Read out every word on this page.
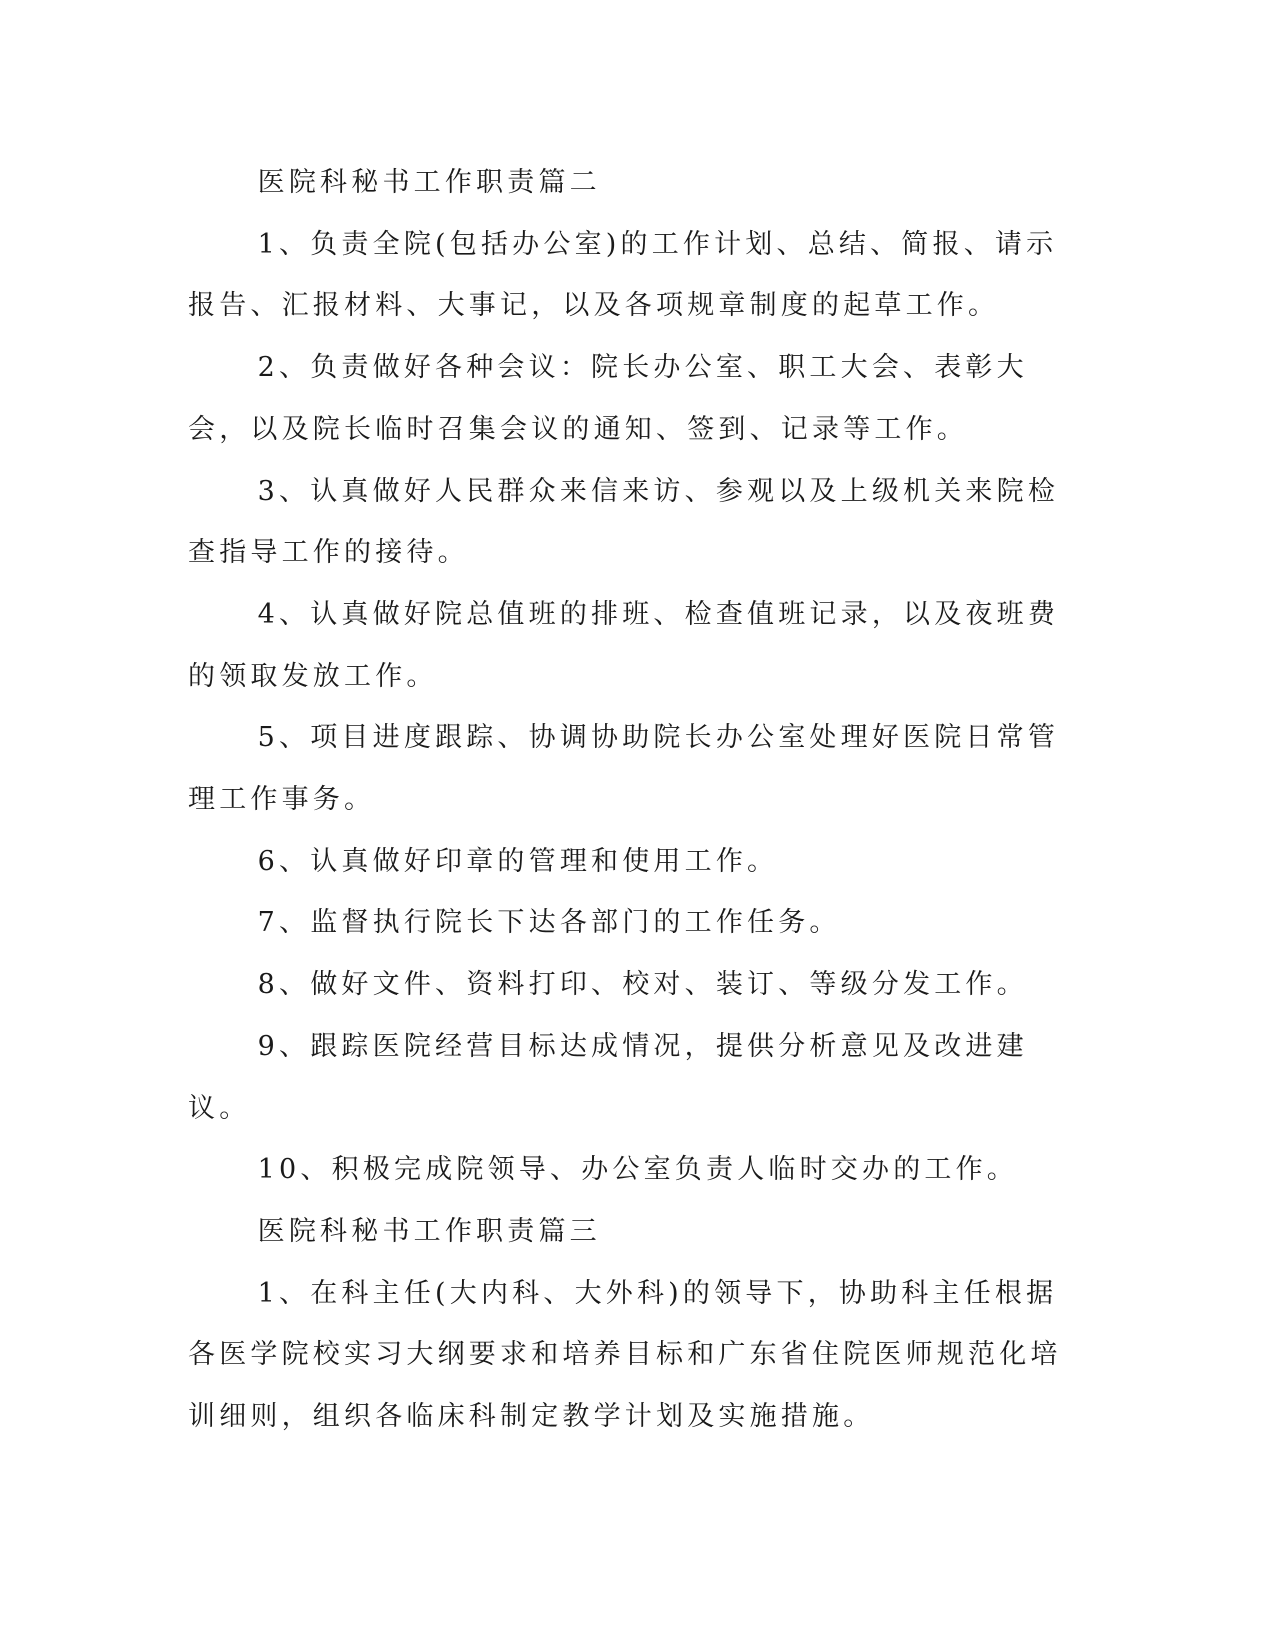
医院科秘书工作职责篇二

1、负责全院(包括办公室)的工作计划、总结、简报、请示报告、汇报材料、大事记，以及各项规章制度的起草工作。

2、负责做好各种会议：院长办公室、职工大会、表彰大会，以及院长临时召集会议的通知、签到、记录等工作。

3、认真做好人民群众来信来访、参观以及上级机关来院检查指导工作的接待。

4、认真做好院总值班的排班、检查值班记录，以及夜班费的领取发放工作。

5、项目进度跟踪、协调协助院长办公室处理好医院日常管理工作事务。

6、认真做好印章的管理和使用工作。

7、监督执行院长下达各部门的工作任务。

8、做好文件、资料打印、校对、装订、等级分发工作。

9、跟踪医院经营目标达成情况，提供分析意见及改进建议。

10、积极完成院领导、办公室负责人临时交办的工作。

医院科秘书工作职责篇三

1、在科主任(大内科、大外科)的领导下，协助科主任根据各医学院校实习大纲要求和培养目标和广东省住院医师规范化培训细则，组织各临床科制定教学计划及实施措施。
